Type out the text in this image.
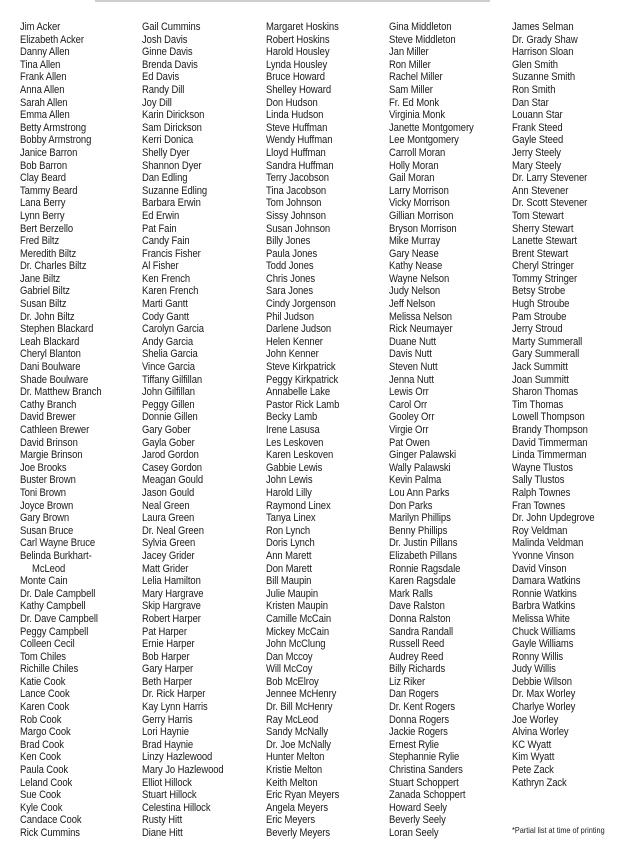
Jim Acker
Elizabeth Acker
Danny Allen
Tina Allen
Frank Allen
Anna Allen
Sarah Allen
Emma Allen
Betty Armstrong
Bobby Armstrong
Janice Barron
Bob Barron
Clay Beard
Tammy Beard
Lana Berry
Lynn Berry
Bert Berzello
Fred Biltz
Meredith Biltz
Dr. Charles Biltz
Jane Biltz
Gabriel Biltz
Susan Biltz
Dr. John Biltz
Stephen Blackard
Leah Blackard
Cheryl Blanton
Dani Boulware
Shade Boulware
Dr. Matthew Branch
Cathy Branch
David Brewer
Cathleen Brewer
David Brinson
Margie Brinson
Joe Brooks
Buster Brown
Toni Brown
Joyce Brown
Gary Brown
Susan Bruce
Carl Wayne Bruce
Belinda Burkhart-
McLeod
Monte Cain
Dr. Dale Campbell
Kathy Campbell
Dr. Dave Campbell
Peggy Campbell
Colleen Cecil
Tom Chiles
Richille Chiles
Katie Cook
Lance Cook
Karen Cook
Rob Cook
Margo Cook
Brad Cook
Ken Cook
Paula Cook
Leland Cook
Sue Cook
Kyle Cook
Candace Cook
Rick Cummins
Gail Cummins
Josh Davis
Ginne Davis
Brenda Davis
Ed Davis
Randy Dill
Joy Dill
Karin Dirickson
Sam Dirickson
Kerri Donica
Shelly Dyer
Shannon Dyer
Dan Edling
Suzanne Edling
Barbara Erwin
Ed Erwin
Pat Fain
Candy Fain
Francis Fisher
Al Fisher
Ken French
Karen French
Marti Gantt
Cody Gantt
Carolyn Garcia
Andy Garcia
Shelia Garcia
Vince Garcia
Tiffany Gilfillan
John Gilfillan
Peggy Gillen
Donnie Gillen
Gary Gober
Gayla Gober
Jarod Gordon
Casey Gordon
Meagan Gould
Jason Gould
Neal Green
Laura Green
Dr. Neal Green
Sylvia Green
Jacey Grider
Matt Grider
Lelia Hamilton
Mary Hargrave
Skip Hargrave
Robert Harper
Pat Harper
Ernie Harper
Bob Harper
Gary Harper
Beth Harper
Dr. Rick Harper
Kay Lynn Harris
Gerry Harris
Lori Haynie
Brad Haynie
Linzy Hazlewood
Mary Jo Hazlewood
Elliot Hillock
Stuart Hillock
Celestina Hillock
Rusty Hitt
Diane Hitt
Margaret Hoskins
Robert Hoskins
Harold Housley
Lynda Housley
Bruce Howard
Shelley Howard
Don Hudson
Linda Hudson
Steve Huffman
Wendy Huffman
Lloyd Huffman
Sandra Huffman
Terry Jacobson
Tina Jacobson
Tom Johnson
Sissy Johnson
Susan Johnson
Billy Jones
Paula Jones
Todd Jones
Chris Jones
Sara Jones
Cindy Jorgenson
Phil Judson
Darlene Judson
Helen Kenner
John Kenner
Steve Kirkpatrick
Peggy Kirkpatrick
Annabelle Lake
Pastor Rick Lamb
Becky Lamb
Irene Lasusa
Les Leskoven
Karen Leskoven
Gabbie Lewis
John Lewis
Harold Lilly
Raymond Linex
Tanya Linex
Ron Lynch
Doris Lynch
Ann Marett
Don Marett
Bill Maupin
Julie Maupin
Kristen Maupin
Camille McCain
Mickey McCain
John McClung
Dan Mccoy
Will McCoy
Bob McElroy
Jennee McHenry
Dr. Bill McHenry
Ray McLeod
Sandy McNally
Dr. Joe McNally
Hunter Melton
Kristie Melton
Keith Melton
Eric Ryan Meyers
Angela Meyers
Eric Meyers
Beverly Meyers
Gina Middleton
Steve Middleton
Jan Miller
Ron Miller
Rachel Miller
Sam Miller
Fr. Ed Monk
Virginia Monk
Janette Montgomery
Lee Montgomery
Carroll Moran
Holly Moran
Gail Moran
Larry Morrison
Vicky Morrison
Gillian Morrison
Bryson Morrison
Mike Murray
Gary Nease
Kathy Nease
Wayne Nelson
Judy Nelson
Jeff Nelson
Melissa Nelson
Rick Neumayer
Duane Nutt
Davis Nutt
Steven Nutt
Jenna Nutt
Lewis Orr
Carol Orr
Gooley Orr
Virgie Orr
Pat Owen
Ginger Palawski
Wally Palawski
Kevin Palma
Lou Ann Parks
Don Parks
Marilyn Phillips
Benny Phillips
Dr. Justin Pillans
Elizabeth Pillans
Ronnie Ragsdale
Karen Ragsdale
Mark Ralls
Dave Ralston
Donna Ralston
Sandra Randall
Russell Reed
Audrey Reed
Billy Richards
Liz Riker
Dan Rogers
Dr. Kent Rogers
Donna Rogers
Jackie Rogers
Ernest Rylie
Stephannie Rylie
Christina Sanders
Stuart Schoppert
Zanada Schoppert
Howard Seely
Beverly Seely
Loran Seely
James Selman
Dr. Grady Shaw
Harrison Sloan
Glen Smith
Suzanne Smith
Ron Smith
Dan Star
Louann Star
Frank Steed
Gayle Steed
Jerry Steely
Mary Steely
Dr. Larry Stevener
Ann Stevener
Dr. Scott Stevener
Tom Stewart
Sherry Stewart
Lanette Stewart
Brent Stewart
Cheryl Stringer
Tommy Stringer
Betsy Strobe
Hugh Stroube
Pam Stroube
Jerry Stroud
Marty Summerall
Gary Summerall
Jack Summitt
Joan Summitt
Sharon Thomas
Tim Thomas
Lowell Thompson
Brandy Thompson
David Timmerman
Linda Timmerman
Wayne Tlustos
Sally Tlustos
Ralph Townes
Fran Townes
Dr. John Updegrove
Roy Veldman
Malinda Veldman
Yvonne Vinson
David Vinson
Damara Watkins
Ronnie Watkins
Barbra Watkins
Melissa White
Chuck Williams
Gayle Williams
Ronny Willis
Judy Willis
Debbie Wilson
Dr. Max Worley
Charlye Worley
Joe Worley
Alvina Worley
KC Wyatt
Kim Wyatt
Pete Zack
Kathryn Zack
*Partial list at time of printing
